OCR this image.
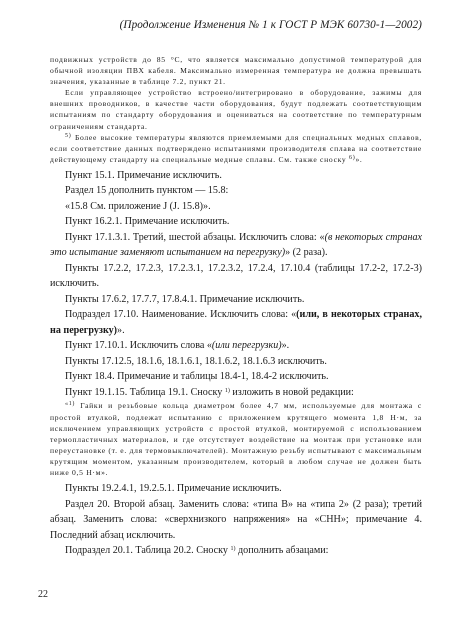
(Продолжение Изменения № 1 к ГОСТ Р МЭК 60730-1—2002)

подвижных устройств до 85 °С, что является максимально допустимой температурой для обычной изоляции ПВХ кабеля. Максимально измеренная температура не должна превышать значения, указанные в таблице 7.2, пункт 21.

Если управляющее устройство встроено/интегрировано в оборудование, зажимы для внешних проводников, в качестве части оборудования, будут подлежать соответствующим испытаниям по стандарту оборудования и оцениваться на соответствие по температурным ограничениям стандарта.

$^{5)}$ Более высокие температуры являются приемлемыми для специальных медных сплавов, если соответствие данных подтверждено испытаниями производителя сплава на соответствие действующему стандарту на специальные медные сплавы. См. также сноску $^{6)}$».

Пункт 15.1. Примечание исключить.

Раздел 15 дополнить пунктом — 15.8:

«15.8 См. приложение J (J. 15.8)».

Пункт 16.2.1. Примечание исключить.

Пункт 17.1.3.1. Третий, шестой абзацы. Исключить слова: «(в некоторых странах это испытание заменяют испытанием на перегрузку)» (2 раза).

Пункты 17.2.2, 17.2.3, 17.2.3.1, 17.2.3.2, 17.2.4, 17.10.4 (таблицы 17.2-2, 17.2-3) исключить.

Пункты 17.6.2, 17.7.7, 17.8.4.1. Примечание исключить.

Подраздел 17.10. Наименование. Исключить слова: «(или, в некоторых странах, на перегрузку)».

Пункт 17.10.1. Исключить слова «(или перегрузки)».

Пункты 17.12.5, 18.1.6, 18.1.6.1, 18.1.6.2, 18.1.6.3 исключить.

Пункт 18.4. Примечание и таблицы 18.4-1, 18.4-2 исключить.

Пункт 19.1.15. Таблица 19.1. Сноску $^{1)}$ изложить в новой редакции:

$^{«1)}$ Гайки и резьбовые кольца диаметром более 4,7 мм, используемые для монтажа с простой втулкой, подлежат испытанию с приложением крутящего момента 1,8 Н·м, за исключением управляющих устройств с простой втулкой, монтируемой с использованием термопластичных материалов, и где отсутствует воздействие на монтаж при установке или переустановке (т. е. для термовыключателей). Монтажную резьбу испытывают с максимальным крутящим моментом, указанным производителем, который в любом случае не должен быть ниже 0,5 Н·м».

Пункты 19.2.4.1, 19.2.5.1. Примечание исключить.

Раздел 20. Второй абзац. Заменить слова: «типа В» на «типа 2» (2 раза); третий абзац. Заменить слова: «сверхнизкого напряжения» на «СНН»; примечание 4. Последний абзац исключить.

Подраздел 20.1. Таблица 20.2. Сноску $^{1)}$ дополнить абзацами:

22
